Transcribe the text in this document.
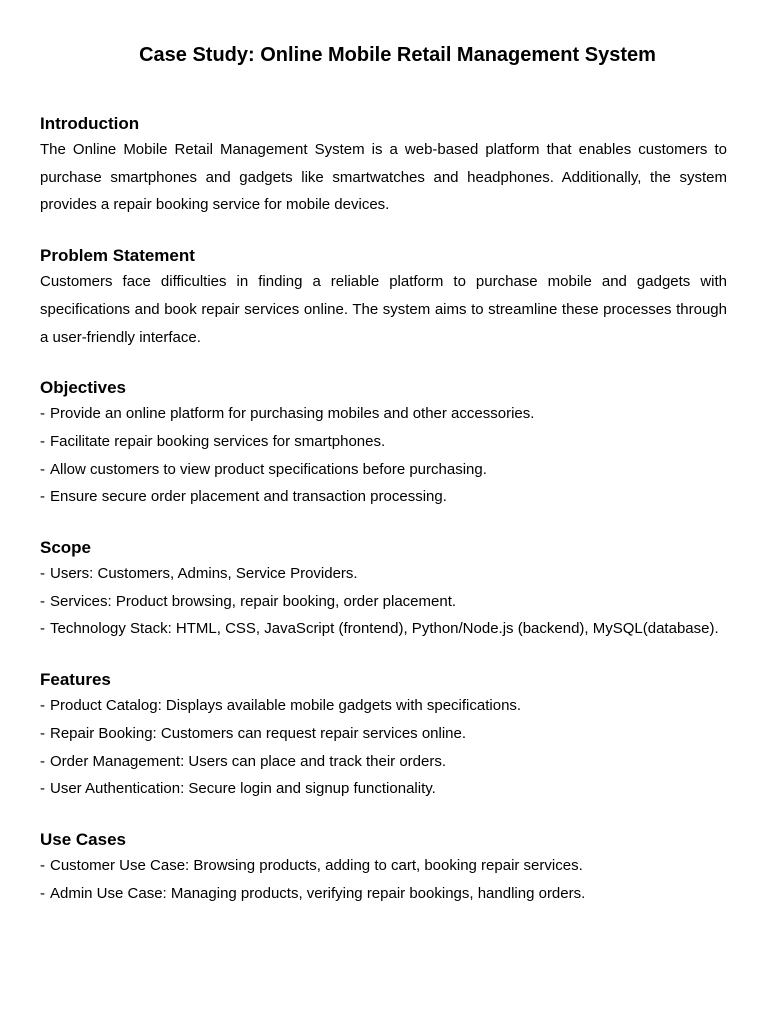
Case Study: Online Mobile Retail Management System
Introduction

The Online Mobile Retail Management System is a web-based platform that enables customers to purchase smartphones and gadgets like smartwatches and headphones. Additionally, the system provides a repair booking service for mobile devices.

Problem Statement

Customers face difficulties in finding a reliable platform to purchase mobile and gadgets with specifications and book repair services online. The system aims to streamline these processes through a user-friendly interface.

Objectives
- Provide an online platform for purchasing mobiles and other accessories.
- Facilitate repair booking services for smartphones.
- Allow customers to view product specifications before purchasing.
- Ensure secure order placement and transaction processing.
Scope
- Users: Customers, Admins, Service Providers.
- Services: Product browsing, repair booking, order placement.
- Technology Stack: HTML, CSS, JavaScript (frontend), Python/Node.js (backend), MySQL(database).
Features
- Product Catalog: Displays available mobile gadgets with specifications.
- Repair Booking: Customers can request repair services online.
- Order Management: Users can place and track their orders.
- User Authentication: Secure login and signup functionality.
Use Cases
- Customer Use Case: Browsing products, adding to cart, booking repair services.
- Admin Use Case: Managing products, verifying repair bookings, handling orders.
